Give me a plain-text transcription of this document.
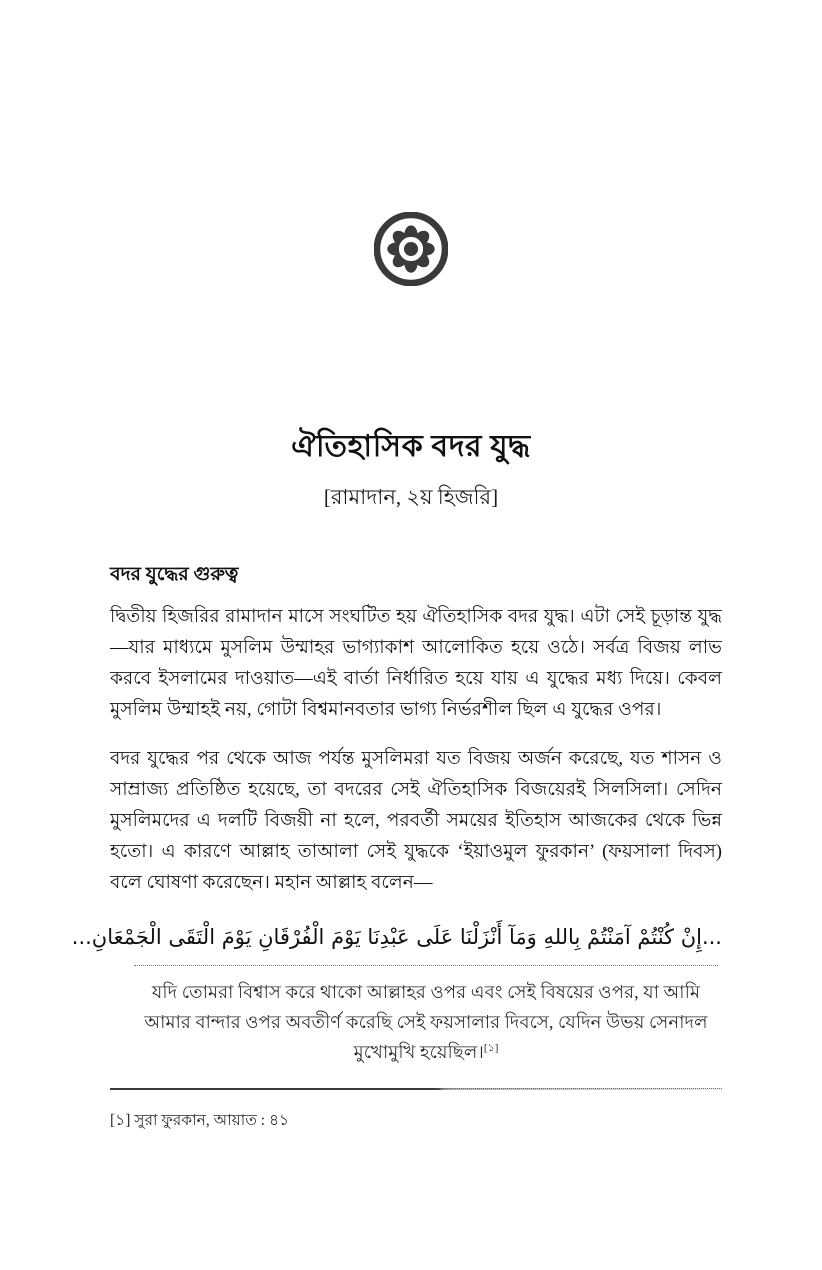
ঐতিহাসিক বদর যুদ্ধ
[রামাদান, ২য় হিজরি]
বদর যুদ্ধের গুরুত্ব

দ্বিতীয় হিজরির রামাদান মাসে সংঘটিত হয় ঐতিহাসিক বদর যুদ্ধ। এটা সেই চূড়ান্ত যুদ্ধ—যার মাধ্যমে মুসলিম উম্মাহর ভাগ্যাকাশ আলোকিত হয়ে ওঠে। সর্বত্র বিজয় লাভ করবে ইসলামের দাওয়াত—এই বার্তা নির্ধারিত হয়ে যায় এ যুদ্ধের মধ্য দিয়ে। কেবল মুসলিম উম্মাহই নয়, গোটা বিশ্বমানবতার ভাগ্য নির্ভরশীল ছিল এ যুদ্ধের ওপর।

বদর যুদ্ধের পর থেকে আজ পর্যন্ত মুসলিমরা যত বিজয় অর্জন করেছে, যত শাসন ও সাম্রাজ্য প্রতিষ্ঠিত হয়েছে, তা বদরের সেই ঐতিহাসিক বিজয়েরই সিলসিলা। সেদিন মুসলিমদের এ দলটি বিজয়ী না হলে, পরবর্তী সময়ের ইতিহাস আজকের থেকে ভিন্ন হতো। এ কারণে আল্লাহ তাআলা সেই যুদ্ধকে ‘ইয়াওমুল ফুরকান’ (ফয়সালা দিবস) বলে ঘোষণা করেছেন। মহান আল্লাহ বলেন—

...إِنْ كُنْتُمْ آمَنْتُمْ بِاللهِ وَمَآ أَنْزَلْنَا عَلَى عَبْدِنَا يَوْمَ الْفُرْقَانِ يَوْمَ الْتَقَى الْجَمْعَانِ...
যদি তোমরা বিশ্বাস করে থাকো আল্লাহর ওপর এবং সেই বিষয়ের ওপর, যা আমি আমার বান্দার ওপর অবতীর্ণ করেছি সেই ফয়সালার দিবসে, যেদিন উভয় সেনাদল মুখোমুখি হয়েছিল।[১]
[১] সুরা ফুরকান, আয়াত : ৪১
